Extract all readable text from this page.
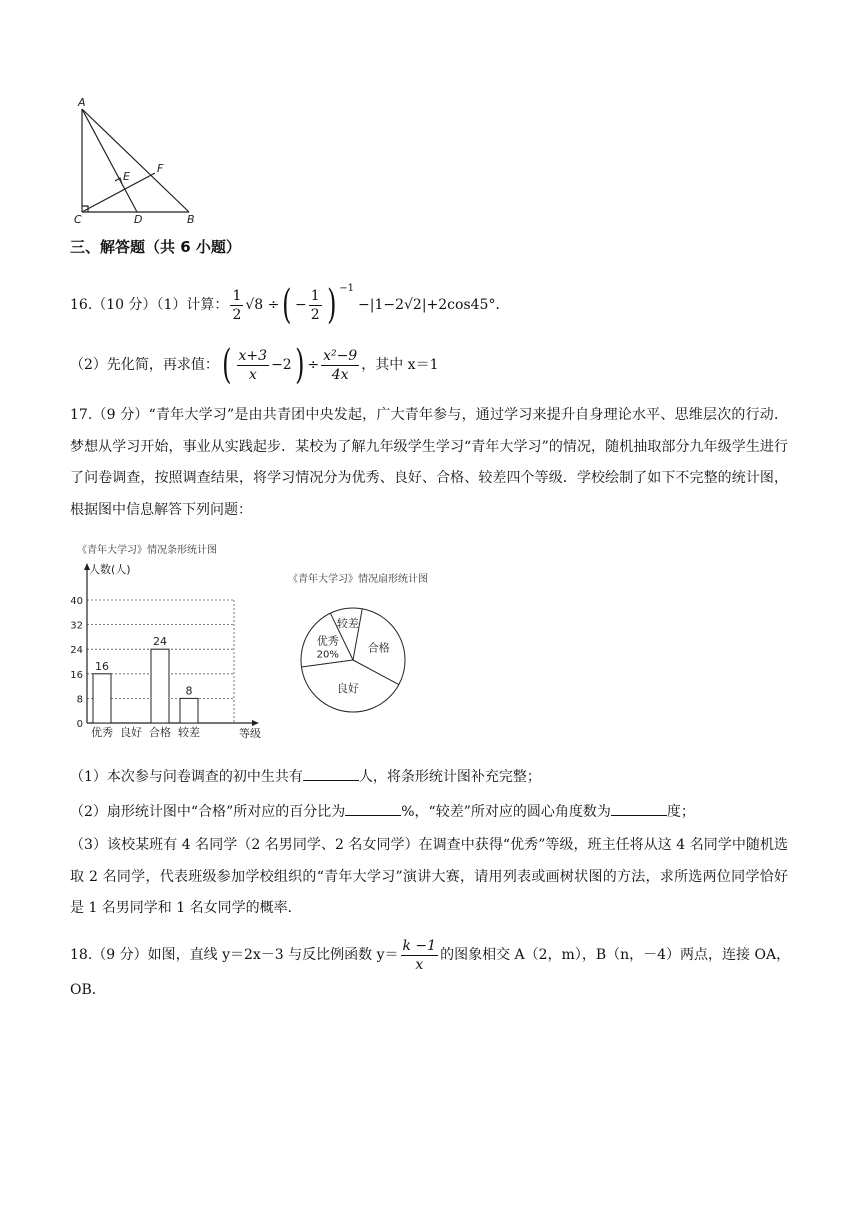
A
F
E
C	D	B
三、解答题（共 6 小题）
16.（10 分）（1）计算： $\frac{1}{2} √8$ ÷ ( − $\frac{1}{2}$ ) −1
−|1−2√2|+2cos45°．
（2）先化简，再求值： ( $\frac{x+3}{x} -2$ ) ÷ $\frac{\text{x²−9}}{4x}$ ，其中 x＝1
17.（9 分）“青年大学习”是由共青团中央发起，广大青年参与，通过学习来提升自身理论水平、思维层次的行动．梦想从学习开始，事业从实践起步．某校为了解九年级学生学习“青年大学习”的情况，随机抽取部分九年级学生进行了问卷调查，按照调查结果，将学习情况分为优秀、良好、合格、较差四个等级．学校绘制了如下不完整的统计图，根据图中信息解答下列问题：
《青年大学习》情况条形统计图
人数(人)
0
8
16
24
32
40
16
优秀 良好
24
合格
8
较差	等级
《青年大学习》情况扇形统计图
较差
合格
良好
优秀
20%
（1）本次参与问卷调查的初中生共有	人，将条形统计图补充完整；
（2）扇形统计图中“合格”所对应的百分比为	%，“较差”所对应的圆心角度数为	度；
（3）该校某班有 4 名同学（2 名男同学、2 名女同学）在调查中获得“优秀”等级，班主任将从这 4 名同学中随机选取 2 名同学，代表班级参加学校组织的“青年大学习”演讲大赛，请用列表或画树状图的方法，求所选两位同学恰好是 1 名男同学和 1 名女同学的概率．
18.（9 分）如图，直线 y＝2x－3 与反比例函数 $y= \frac{k -1}{x}$ 的图象相交 A（2，m），B（n，－4）两点，连接 OA，
OB．
